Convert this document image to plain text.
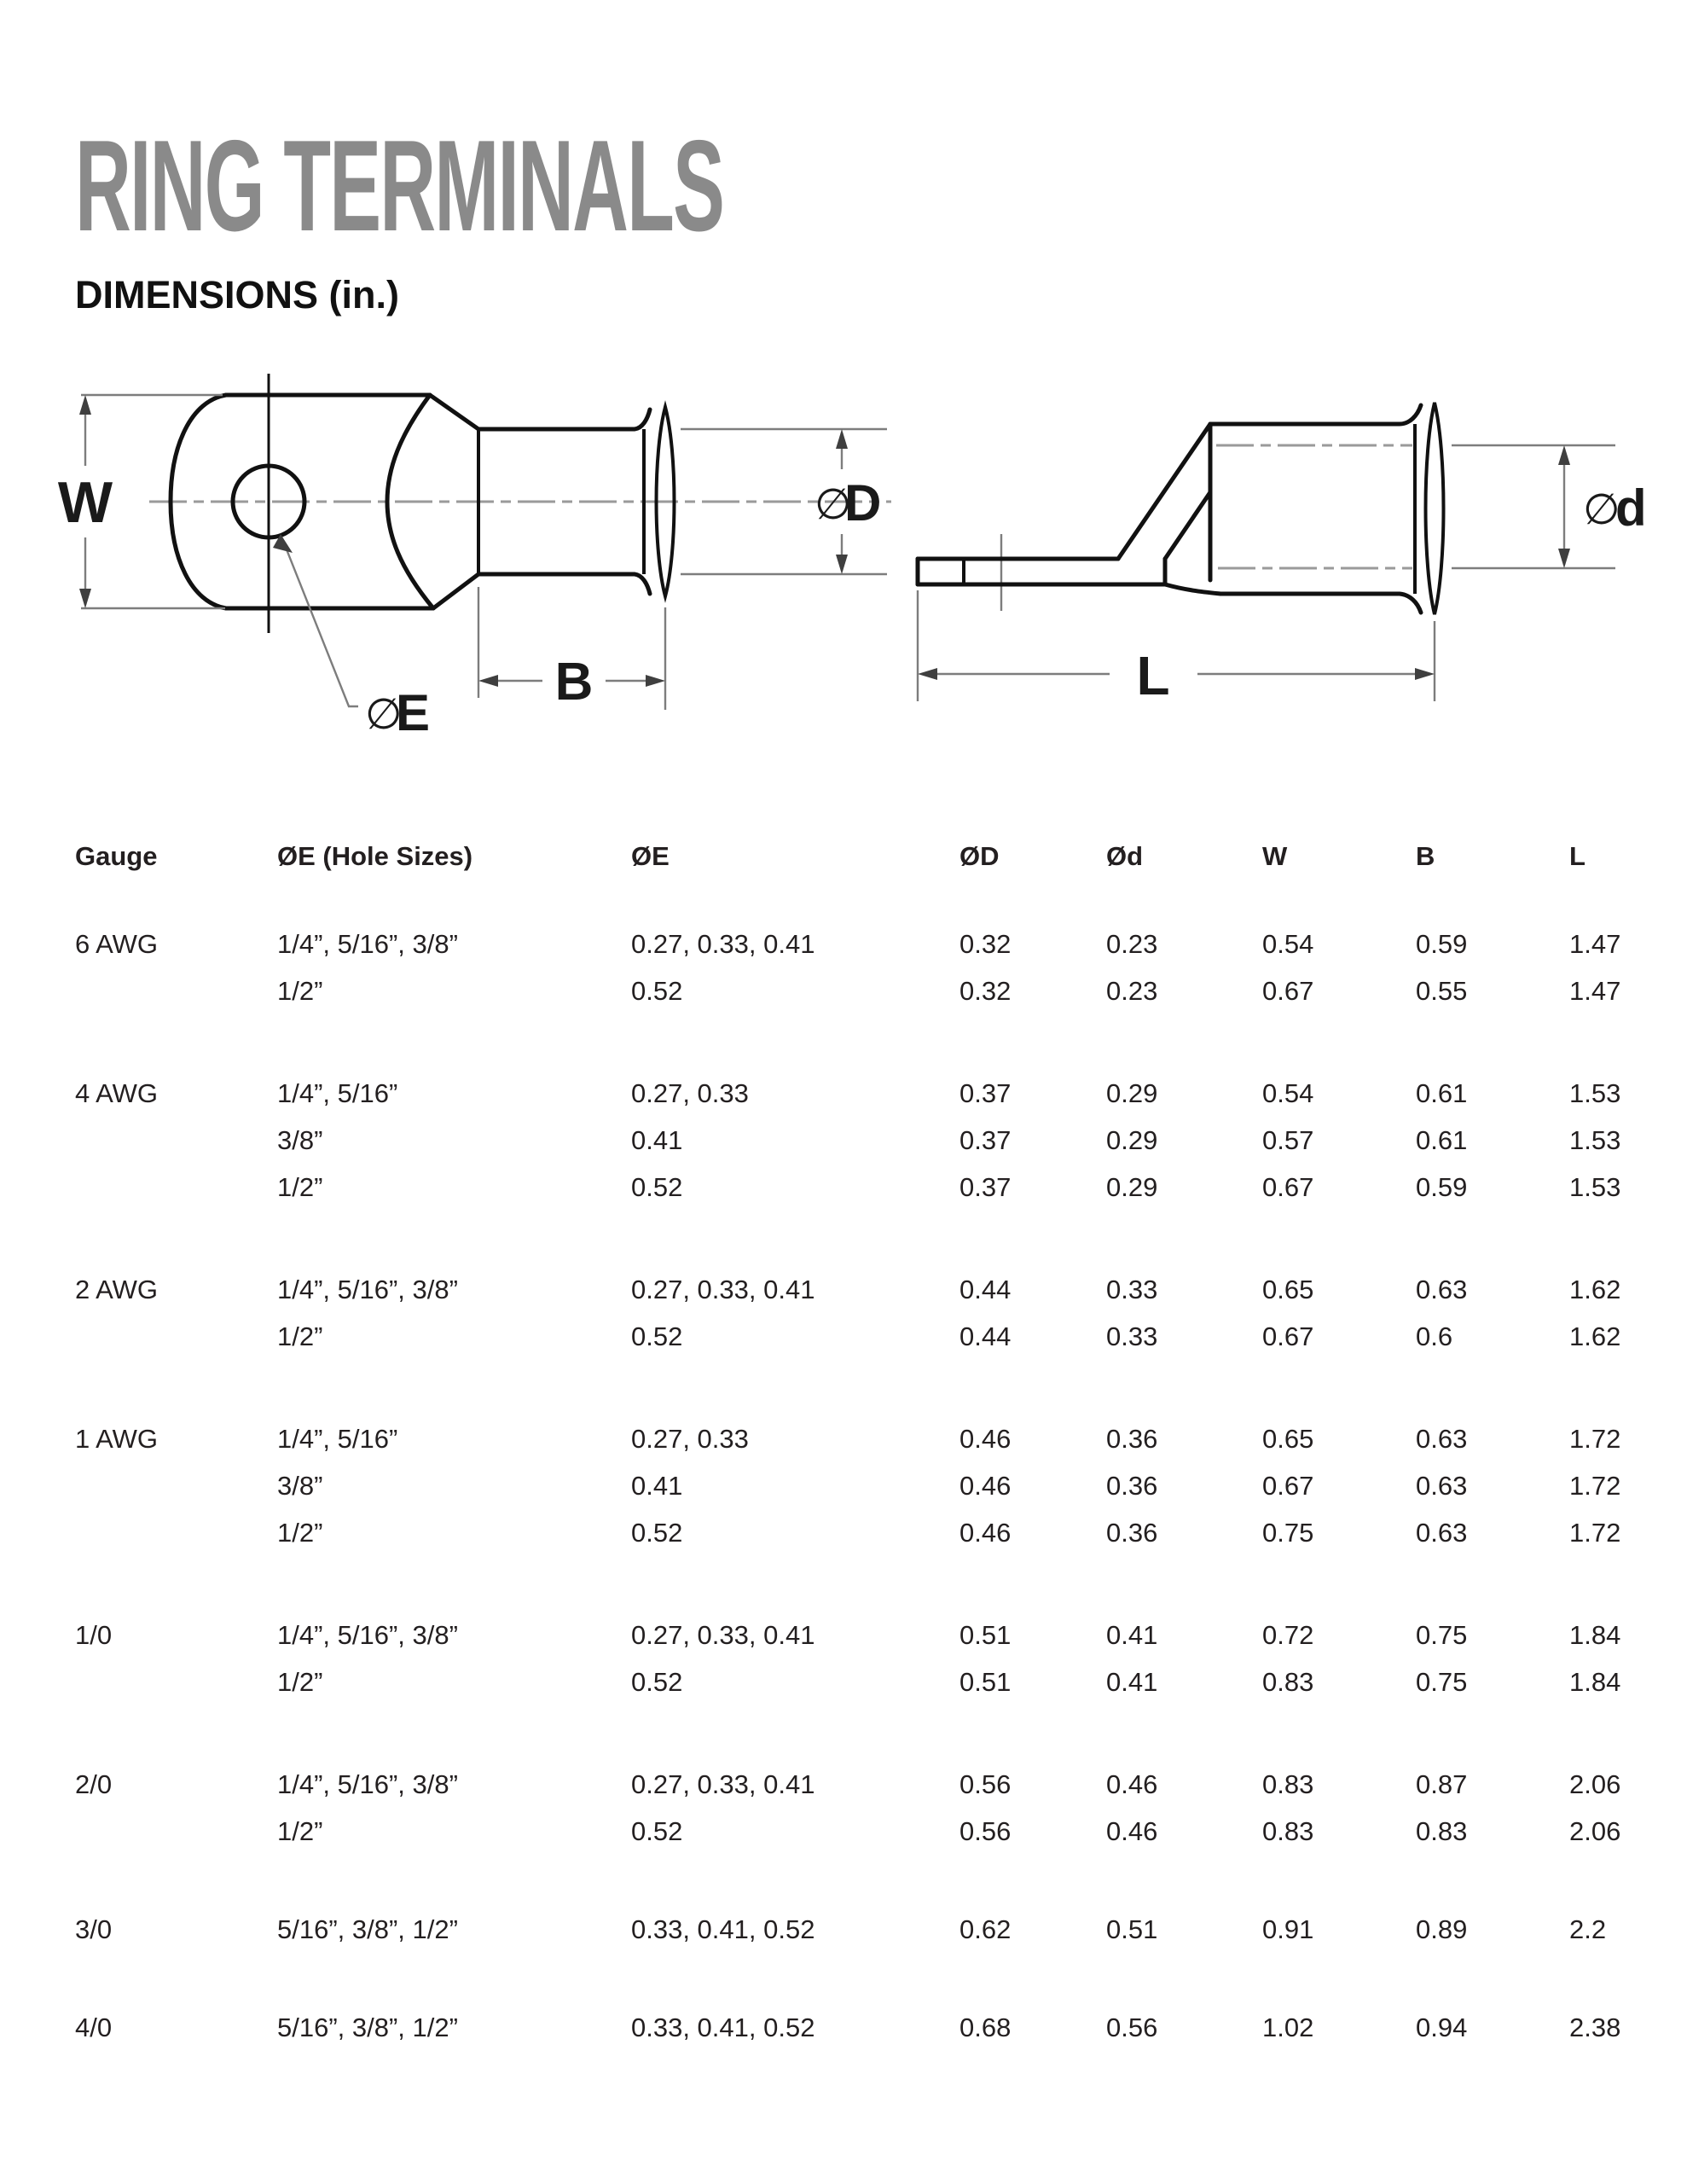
RING TERMINALS
DIMENSIONS (in.)
W	∅
D
B
∅
E
∅
d
L
Gauge	ØE (Hole Sizes)	ØE	ØD	Ød	W	B	L
6 AWG	1/4”, 5/16”, 3/8”	0.27, 0.33, 0.41	0.32	0.23	0.54	0.59	1.47
1/2”	0.52	0.32	0.23	0.67	0.55	1.47
4 AWG	1/4”, 5/16”	0.27, 0.33	0.37	0.29	0.54	0.61	1.53
3/8”	0.41	0.37	0.29	0.57	0.61	1.53
1/2”	0.52	0.37	0.29	0.67	0.59	1.53
2 AWG	1/4”, 5/16”, 3/8”	0.27, 0.33, 0.41	0.44	0.33	0.65	0.63	1.62
1/2”	0.52	0.44	0.33	0.67	0.6	1.62
1 AWG	1/4”, 5/16”	0.27, 0.33	0.46	0.36	0.65	0.63	1.72
3/8”	0.41	0.46	0.36	0.67	0.63	1.72
1/2”	0.52	0.46	0.36	0.75	0.63	1.72
1/0	1/4”, 5/16”, 3/8”	0.27, 0.33, 0.41	0.51	0.41	0.72	0.75	1.84
1/2”	0.52	0.51	0.41	0.83	0.75	1.84
2/0	1/4”, 5/16”, 3/8”	0.27, 0.33, 0.41	0.56	0.46	0.83	0.87	2.06
1/2”	0.52	0.56	0.46	0.83	0.83	2.06
3/0	5/16”, 3/8”, 1/2”	0.33, 0.41, 0.52	0.62	0.51	0.91	0.89	2.2
4/0	5/16”, 3/8”, 1/2”	0.33, 0.41, 0.52	0.68	0.56	1.02	0.94	2.38
